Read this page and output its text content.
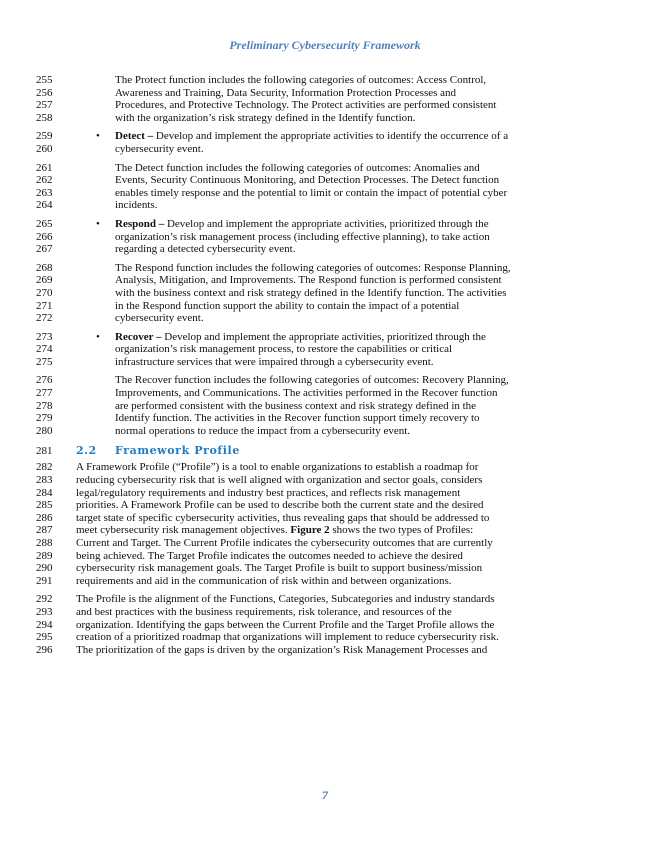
Preliminary Cybersecurity Framework
255	The Protect function includes the following categories of outcomes: Access Control,
256	Awareness and Training, Data Security, Information Protection Processes and
257	Procedures, and Protective Technology. The Protect activities are performed consistent
258	with the organization’s risk strategy defined in the Identify function.
259	• Detect – Develop and implement the appropriate activities to identify the occurrence of a
260	cybersecurity event.
261	The Detect function includes the following categories of outcomes: Anomalies and
262	Events, Security Continuous Monitoring, and Detection Processes. The Detect function
263	enables timely response and the potential to limit or contain the impact of potential cyber
264	incidents.
265	• Respond – Develop and implement the appropriate activities, prioritized through the
266	organization’s risk management process (including effective planning), to take action
267	regarding a detected cybersecurity event.
268	The Respond function includes the following categories of outcomes: Response Planning,
269	Analysis, Mitigation, and Improvements. The Respond function is performed consistent
270	with the business context and risk strategy defined in the Identify function. The activities
271	in the Respond function support the ability to contain the impact of a potential
272	cybersecurity event.
273	• Recover – Develop and implement the appropriate activities, prioritized through the
274	organization’s risk management process, to restore the capabilities or critical
275	infrastructure services that were impaired through a cybersecurity event.
276	The Recover function includes the following categories of outcomes: Recovery Planning,
277	Improvements, and Communications. The activities performed in the Recover function
278	are performed consistent with the business context and risk strategy defined in the
279	Identify function. The activities in the Recover function support timely recovery to
280	normal operations to reduce the impact from a cybersecurity event.
281	2.2 Framework Profile
282	A Framework Profile (“Profile”) is a tool to enable organizations to establish a roadmap for
283	reducing cybersecurity risk that is well aligned with organization and sector goals, considers
284	legal/regulatory requirements and industry best practices, and reflects risk management
285	priorities. A Framework Profile can be used to describe both the current state and the desired
286	target state of specific cybersecurity activities, thus revealing gaps that should be addressed to
287	meet cybersecurity risk management objectives. Figure 2 shows the two types of Profiles:
288	Current and Target. The Current Profile indicates the cybersecurity outcomes that are currently
289	being achieved. The Target Profile indicates the outcomes needed to achieve the desired
290	cybersecurity risk management goals. The Target Profile is built to support business/mission
291	requirements and aid in the communication of risk within and between organizations.
292	The Profile is the alignment of the Functions, Categories, Subcategories and industry standards
293	and best practices with the business requirements, risk tolerance, and resources of the
294	organization. Identifying the gaps between the Current Profile and the Target Profile allows the
295	creation of a prioritized roadmap that organizations will implement to reduce cybersecurity risk.
296	The prioritization of the gaps is driven by the organization’s Risk Management Processes and
7
